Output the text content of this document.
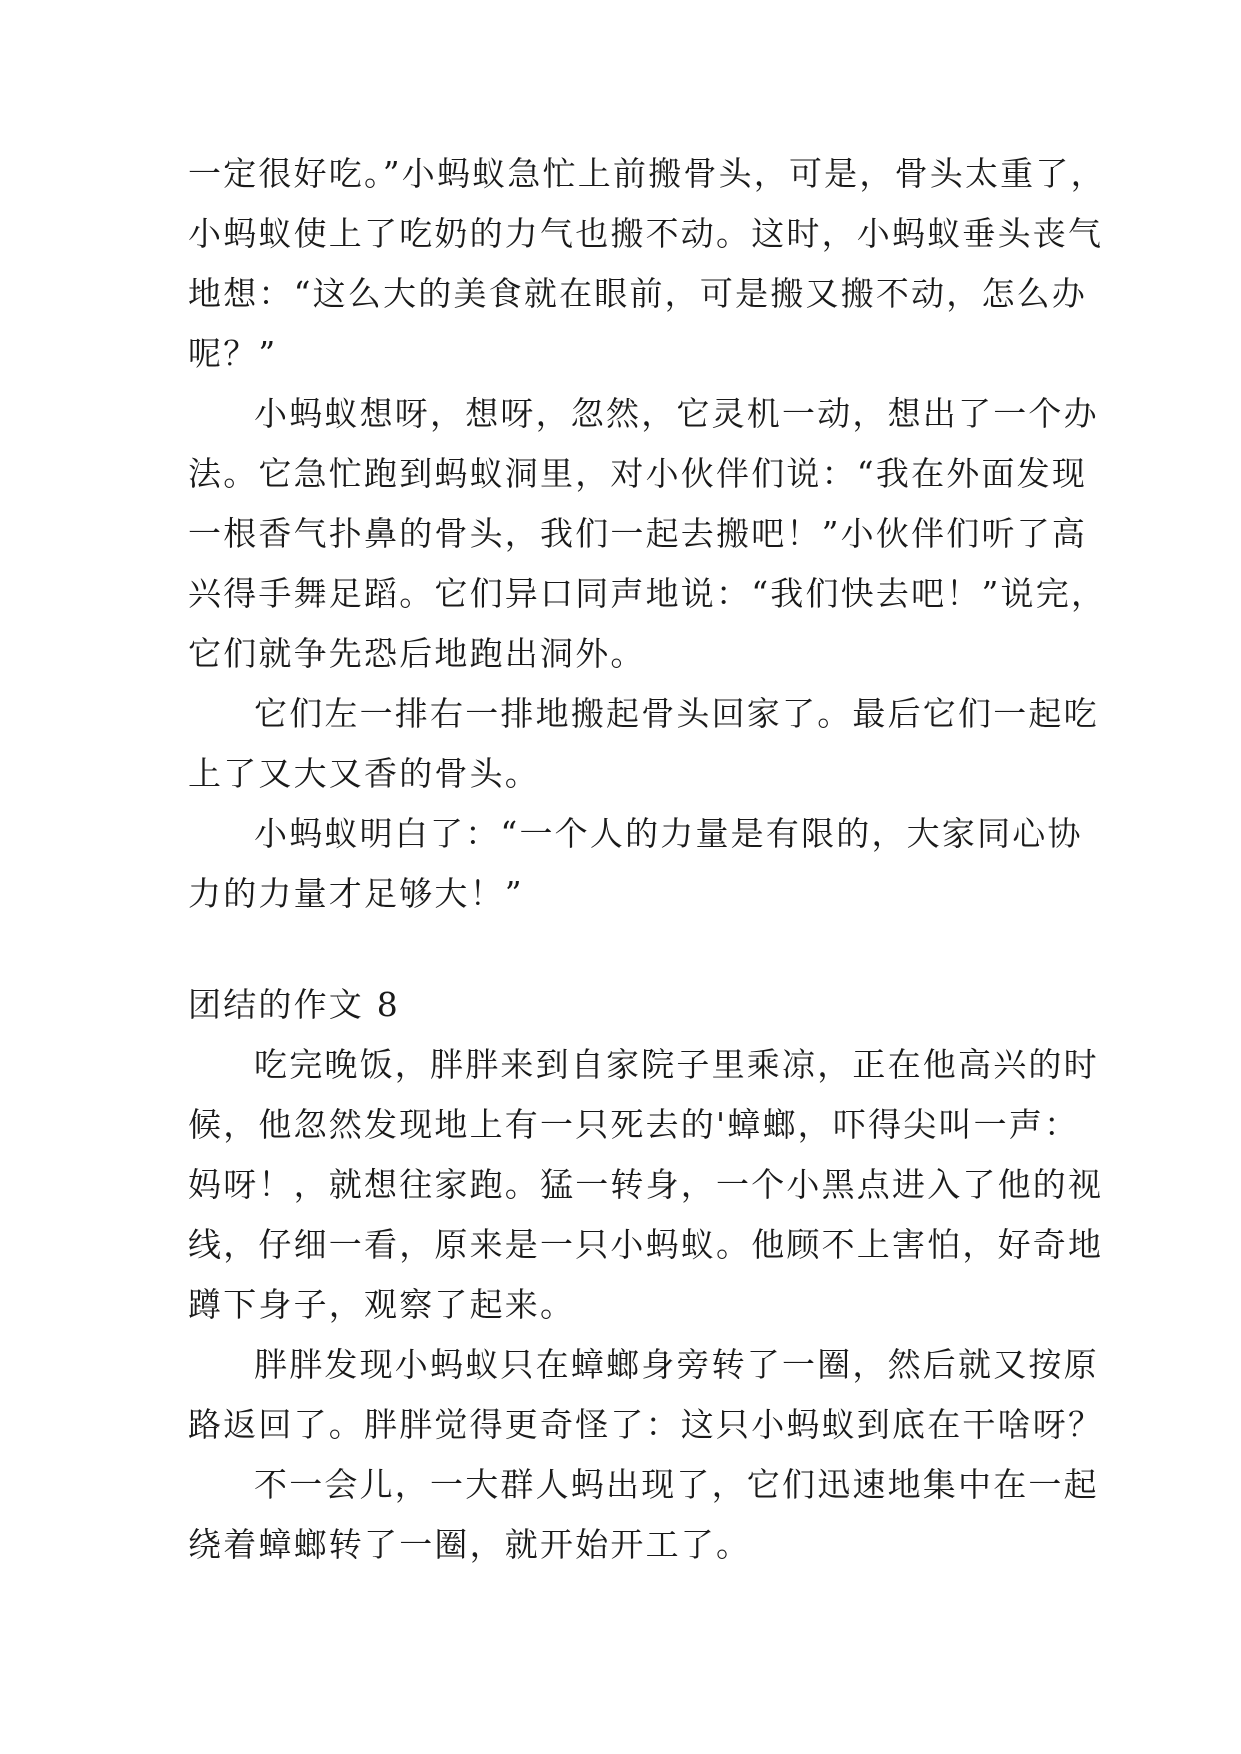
一定很好吃。”小蚂蚁急忙上前搬骨头，可是，骨头太重了，
小蚂蚁使上了吃奶的力气也搬不动。这时，小蚂蚁垂头丧气
地想：“这么大的美食就在眼前，可是搬又搬不动，怎么办
呢？”
小蚂蚁想呀，想呀，忽然，它灵机一动，想出了一个办
法。它急忙跑到蚂蚁洞里，对小伙伴们说：“我在外面发现
一根香气扑鼻的骨头，我们一起去搬吧！”小伙伴们听了高
兴得手舞足蹈。它们异口同声地说：“我们快去吧！”说完，
它们就争先恐后地跑出洞外。
它们左一排右一排地搬起骨头回家了。最后它们一起吃
上了又大又香的骨头。
小蚂蚁明白了：“一个人的力量是有限的，大家同心协
力的力量才足够大！”
团结的作文 8
吃完晚饭，胖胖来到自家院子里乘凉，正在他高兴的时
候，他忽然发现地上有一只死去的'蟑螂，吓得尖叫一声：
妈呀！，就想往家跑。猛一转身，一个小黑点进入了他的视
线，仔细一看，原来是一只小蚂蚁。他顾不上害怕，好奇地
蹲下身子，观察了起来。
胖胖发现小蚂蚁只在蟑螂身旁转了一圈，然后就又按原
路返回了。胖胖觉得更奇怪了：这只小蚂蚁到底在干啥呀？
不一会儿，一大群人蚂出现了，它们迅速地集中在一起
绕着蟑螂转了一圈，就开始开工了。
